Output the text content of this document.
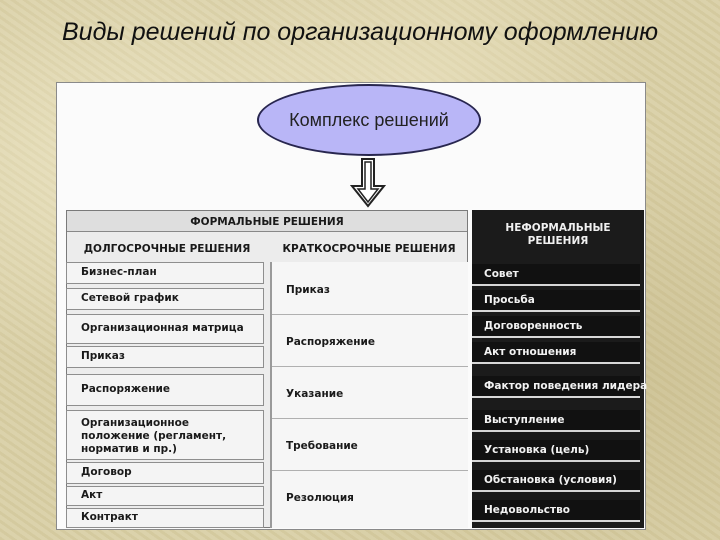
Виды решений по организационному оформлению
Комплекс решений
ФОРМАЛЬНЫЕ РЕШЕНИЯ
ДОЛГОСРОЧНЫЕ РЕШЕНИЯ	КРАТКОСРОЧНЫЕ РЕШЕНИЯ
Бизнес-план
Сетевой график
Организационная матрица
Приказ
Распоряжение
Организационное положение (регламент, норматив и пр.)
Договор
Акт
Контракт
Приказ
Распоряжение
Указание
Требование
Резолюция
НЕФОРМАЛЬНЫЕ РЕШЕНИЯ
Совет
Просьба
Договоренность
Акт отношения
Фактор поведения лидера
Выступление
Установка (цель)
Обстановка (условия)
Недовольство
